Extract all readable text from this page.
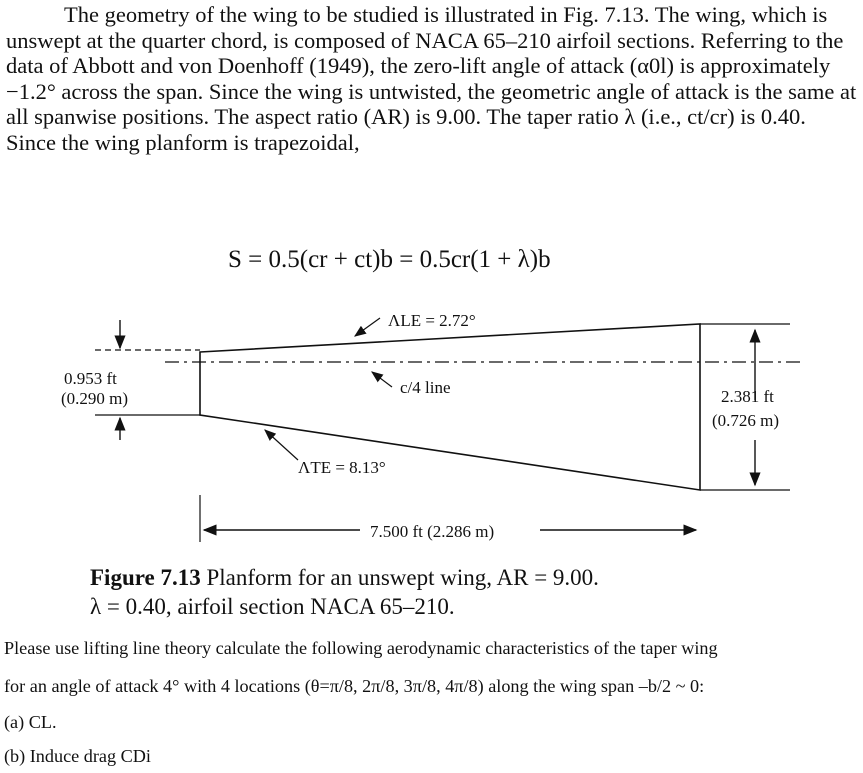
The geometry of the wing to be studied is illustrated in Fig. 7.13. The wing, which is unswept at the quarter chord, is composed of NACA 65–210 airfoil sections. Referring to the data of Abbott and von Doenhoff (1949), the zero-lift angle of attack (α0l) is approximately −1.2° across the span. Since the wing is untwisted, the geometric angle of attack is the same at all spanwise positions. The aspect ratio (AR) is 9.00. The taper ratio λ (i.e., ct/cr) is 0.40. Since the wing planform is trapezoidal,
S = 0.5(cr + ct)b = 0.5cr(1 + λ)b
ΛLE = 2.72°
c/4 line
ΛTE = 8.13°
0.953 ft
(0.290 m)	2.381 ft
(0.726 m)
7.500 ft (2.286 m)
Figure 7.13 Planform for an unswept wing, AR = 9.00.
λ = 0.40, airfoil section NACA 65–210.
Please use lifting line theory calculate the following aerodynamic characteristics of the taper wing
for an angle of attack 4° with 4 locations (θ=π/8, 2π/8, 3π/8, 4π/8) along the wing span –b/2 ~ 0:
(a) CL.
(b) Induce drag CDi
